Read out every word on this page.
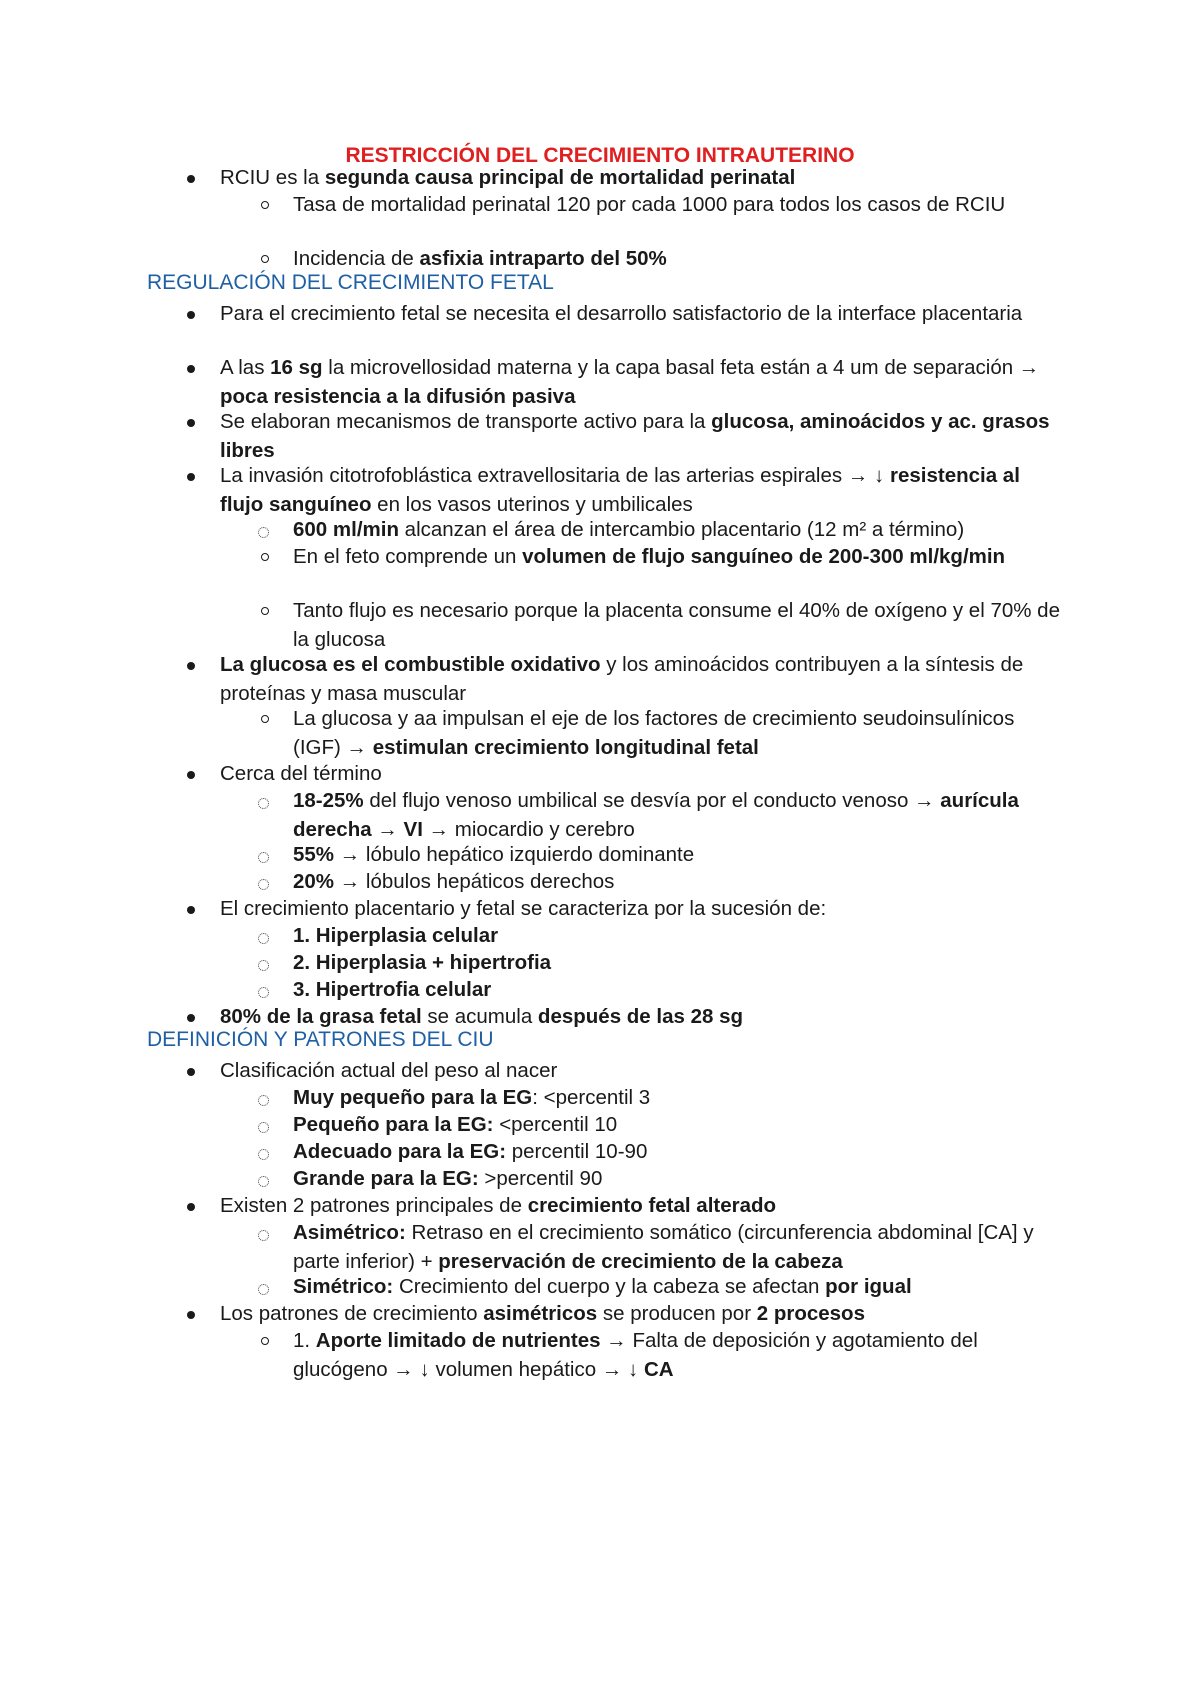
RESTRICCIÓN DEL CRECIMIENTO INTRAUTERINO
REGULACIÓN DEL CRECIMIENTO FETAL
DEFINICIÓN Y PATRONES DEL CIU
RCIU es la segunda causa principal de mortalidad perinatal
Tasa de mortalidad perinatal 120 por cada 1000 para todos los casos de RCIU
Incidencia de asfixia intraparto del 50%
Para el crecimiento fetal se necesita el desarrollo satisfactorio de la interface placentaria
A las 16 sg la microvellosidad materna y la capa basal feta están a 4 um de separación → poca resistencia a la difusión pasiva
Se elaboran mecanismos de transporte activo para la glucosa, aminoácidos y ac. grasos libres
La invasión citotrofoblástica extravellositaria de las arterias espirales → ↓ resistencia al flujo sanguíneo en los vasos uterinos y umbilicales
600 ml/min alcanzan el área de intercambio placentario (12 m² a término)
En el feto comprende un volumen de flujo sanguíneo de 200-300 ml/kg/min
Tanto flujo es necesario porque la placenta consume el 40% de oxígeno y el 70% de la glucosa
La glucosa es el combustible oxidativo y los aminoácidos contribuyen a la síntesis de proteínas y masa muscular
La glucosa y aa impulsan el eje de los factores de crecimiento seudoinsulínicos (IGF) → estimulan crecimiento longitudinal fetal
Cerca del término
18-25% del flujo venoso umbilical se desvía por el conducto venoso → aurícula derecha → VI → miocardio y cerebro
55% → lóbulo hepático izquierdo dominante
20% → lóbulos hepáticos derechos
El crecimiento placentario y fetal se caracteriza por la sucesión de:
1. Hiperplasia celular
2. Hiperplasia + hipertrofia
3. Hipertrofia celular
80% de la grasa fetal se acumula después de las 28 sg
Clasificación actual del peso al nacer
Muy pequeño para la EG: <percentil 3
Pequeño para la EG: <percentil 10
Adecuado para la EG: percentil 10-90
Grande para la EG: >percentil 90
Existen 2 patrones principales de crecimiento fetal alterado
Asimétrico: Retraso en el crecimiento somático (circunferencia abdominal [CA] y parte inferior) + preservación de crecimiento de la cabeza
Simétrico: Crecimiento del cuerpo y la cabeza se afectan por igual
Los patrones de crecimiento asimétricos se producen por 2 procesos
1. Aporte limitado de nutrientes → Falta de deposición y agotamiento del glucógeno → ↓ volumen hepático → ↓ CA
